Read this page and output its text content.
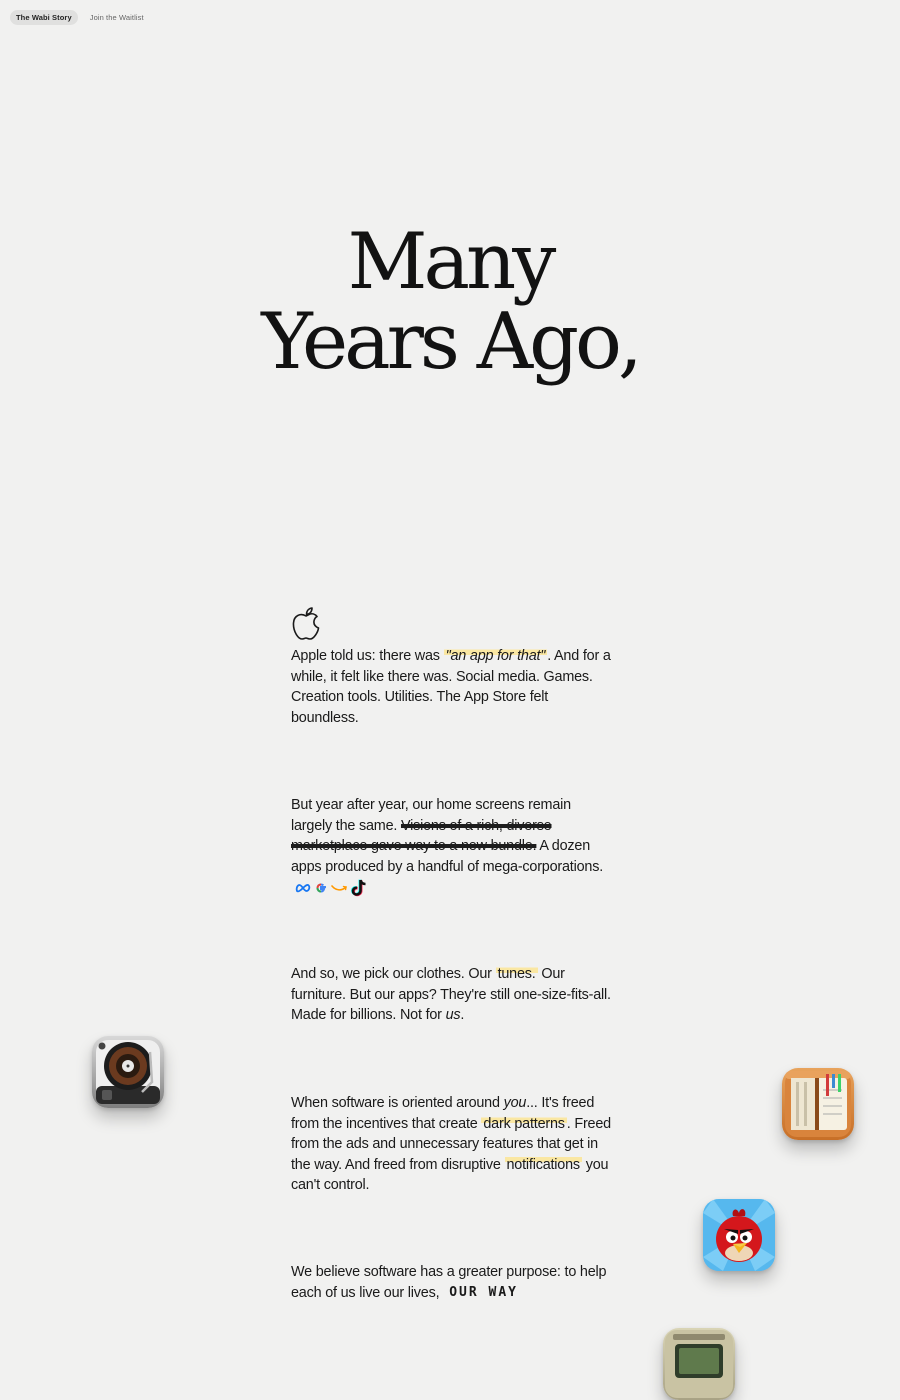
The Wabi Story	Join the Waitlist
Many
Years Ago,
Apple told us: there was "an app for that" . And for a while, it felt like there was. Social media. Games. Creation tools. Utilities. The App Store felt boundless.
But year after year, our home screens remain largely the same. Visions of a rich, diverse marketplace gave way to a new bundle. A dozen apps produced by a handful of mega-corporations.
And so, we pick our clothes. Our tunes. Our furniture. But our apps? They're still one-size-fits-all. Made for billions. Not for us.
When software is oriented around you... It's freed from the incentives that create dark patterns . Freed from the ads and unnecessary features that get in the way. And freed from disruptive notifications you can't control.
We believe software has a greater purpose: to help each of us live our lives, OUR WAY
